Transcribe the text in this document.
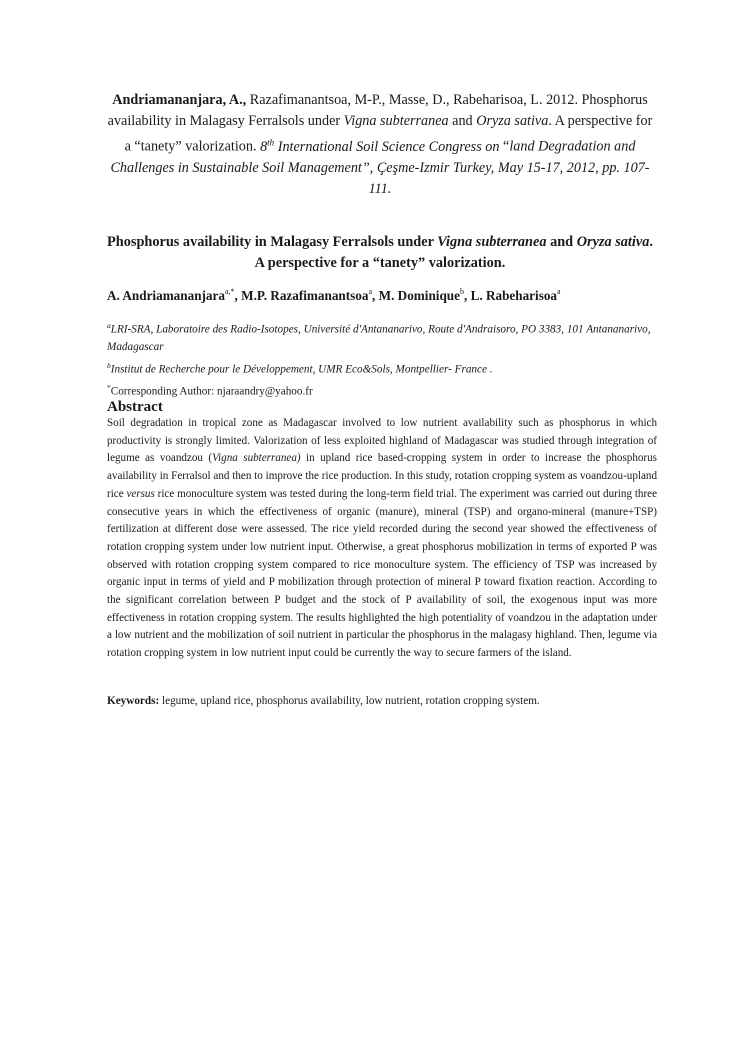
Andriamananjara, A., Razafimanantsoa, M-P., Masse, D., Rabeharisoa, L. 2012. Phosphorus availability in Malagasy Ferralsols under Vigna subterranea and Oryza sativa. A perspective for a “tanety” valorization. 8th International Soil Science Congress on “land Degradation and Challenges in Sustainable Soil Management”, Çeşme-Izmir Turkey, May 15-17, 2012, pp. 107-111.
Phosphorus availability in Malagasy Ferralsols under Vigna subterranea and Oryza sativa. A perspective for a “tanety” valorization.
A. Andriamananjara$^{a,*}$, M.P. Razafimanantsoa$^a$, M. Dominique$^b$, L. Rabeharisoa$^a$
$^a$LRI-SRA, Laboratoire des Radio-Isotopes, Université d'Antananarivo, Route d'Andraisoro, PO 3383, 101 Antananarivo, Madagascar
$^b$Institut de Recherche pour le Développement, UMR Eco&Sols, Montpellier- France .
*Corresponding Author: njaraandry@yahoo.fr
Abstract

Soil degradation in tropical zone as Madagascar involved to low nutrient availability such as phosphorus in which productivity is strongly limited. Valorization of less exploited highland of Madagascar was studied through integration of legume as voandzou (Vigna subterranea) in upland rice based-cropping system in order to increase the phosphorus availability in Ferralsol and then to improve the rice production. In this study, rotation cropping system as voandzou-upland rice versus rice monoculture system was tested during the long-term field trial. The experiment was carried out during three consecutive years in which the effectiveness of organic (manure), mineral (TSP) and organo-mineral (manure+TSP) fertilization at different dose were assessed. The rice yield recorded during the second year showed the effectiveness of rotation cropping system under low nutrient input. Otherwise, a great phosphorus mobilization in terms of exported P was observed with rotation cropping system compared to rice monoculture system. The efficiency of TSP was increased by organic input in terms of yield and P mobilization through protection of mineral P toward fixation reaction. According to the significant correlation between P budget and the stock of P availability of soil, the exogenous input was more effectiveness in rotation cropping system. The results highlighted the high potentiality of voandzou in the adaptation under a low nutrient and the mobilization of soil nutrient in particular the phosphorus in the malagasy highland. Then, legume via rotation cropping system in low nutrient input could be currently the way to secure farmers of the island.

Keywords: legume, upland rice, phosphorus availability, low nutrient, rotation cropping system.
